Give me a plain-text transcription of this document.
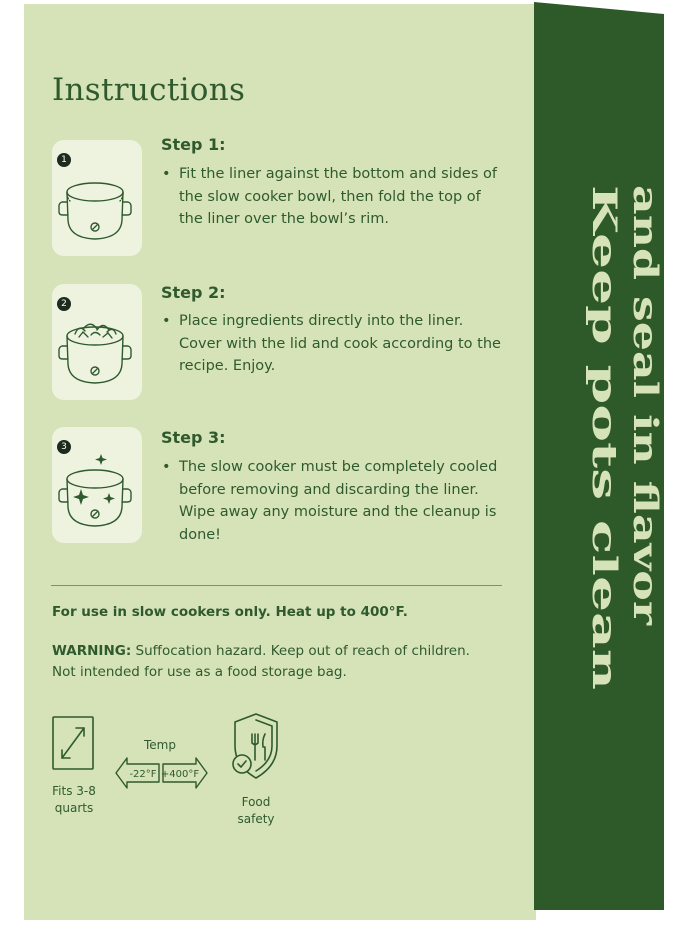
Keep pots clean and seal in flavor
Instructions
1
Step 1:
• Fit the liner against the bottom and sides of the slow cooker bowl, then fold the top of the liner over the bowl’s rim.
2
Step 2:
• Place ingredients directly into the liner. Cover with the lid and cook according to the recipe. Enjoy.
3	Step 3:
• The slow cooker must be completely cooled before removing and discarding the liner. Wipe away any moisture and the cleanup is done!
For use in slow cookers only. Heat up to 400°F.
WARNING: Suffocation hazard. Keep out of reach of children. Not intended for use as a food storage bag.
Fits 3-8
quarts
Temp
-22°F +400°F
Food
safety
